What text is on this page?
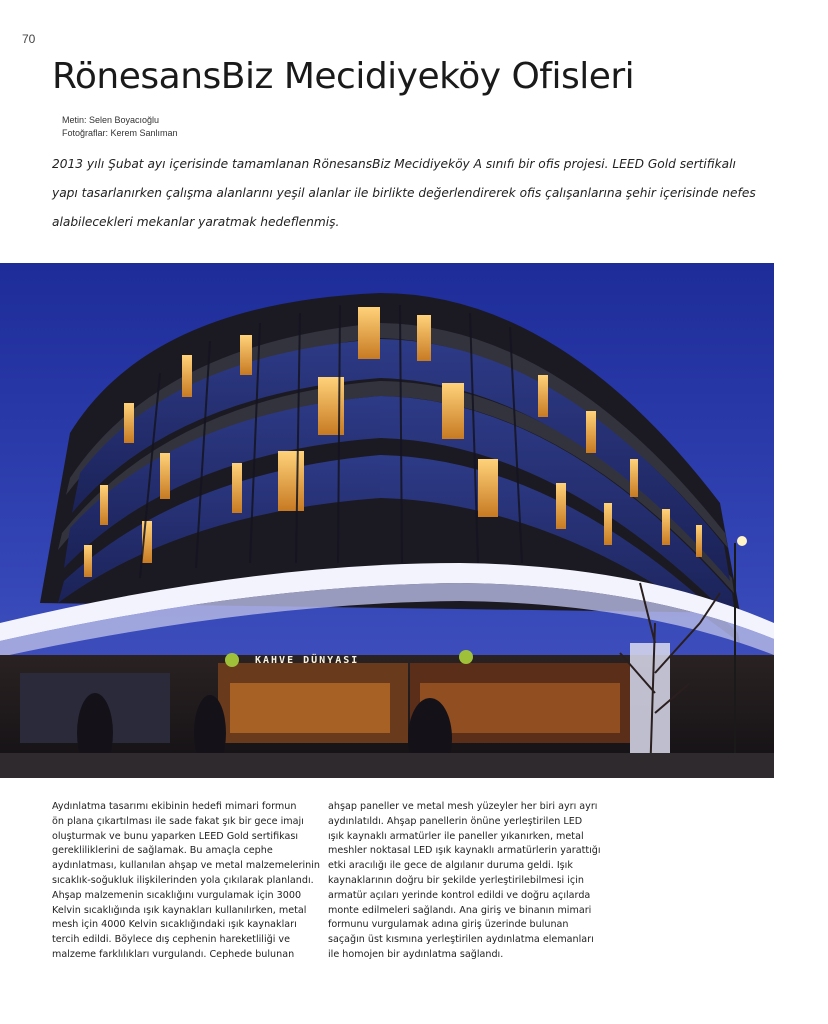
70
RönesansBiz Mecidiyeköy Ofisleri
Metin: Selen Boyacıoğlu
Fotoğraflar: Kerem Sanlıman

2013 yılı Şubat ayı içerisinde tamamlanan RönesansBiz Mecidiyeköy A sınıfı bir ofis projesi. LEED Gold sertifikalı
yapı tasarlanırken çalışma alanlarını yeşil alanlar ile birlikte değerlendirerek ofis çalışanlarına şehir içerisinde nefes
alabilecekleri mekanlar yaratmak hedeflenmiş.

KAHVE DÜNYASI

Aydınlatma tasarımı ekibinin hedefi mimari formun
ön plana çıkartılması ile sade fakat şık bir gece imajı
oluşturmak ve bunu yaparken LEED Gold sertifikası
gerekliliklerini de sağlamak. Bu amaçla cephe
aydınlatması, kullanılan ahşap ve metal malzemelerinin
sıcaklık-soğukluk ilişkilerinden yola çıkılarak planlandı.
Ahşap malzemenin sıcaklığını vurgulamak için 3000
Kelvin sıcaklığında ışık kaynakları kullanılırken, metal
mesh için 4000 Kelvin sıcaklığındaki ışık kaynakları
tercih edildi. Böylece dış cephenin hareketliliği ve
malzeme farklılıkları vurgulandı. Cephede bulunan

ahşap paneller ve metal mesh yüzeyler her biri ayrı ayrı
aydınlatıldı. Ahşap panellerin önüne yerleştirilen LED
ışık kaynaklı armatürler ile paneller yıkanırken, metal
meshler noktasal LED ışık kaynaklı armatürlerin yarattığı
etki aracılığı ile gece de algılanır duruma geldi. Işık
kaynaklarının doğru bir şekilde yerleştirilebilmesi için
armatür açıları yerinde kontrol edildi ve doğru açılarda
monte edilmeleri sağlandı. Ana giriş ve binanın mimari
formunu vurgulamak adına giriş üzerinde bulunan
saçağın üst kısmına yerleştirilen aydınlatma elemanları
ile homojen bir aydınlatma sağlandı.
